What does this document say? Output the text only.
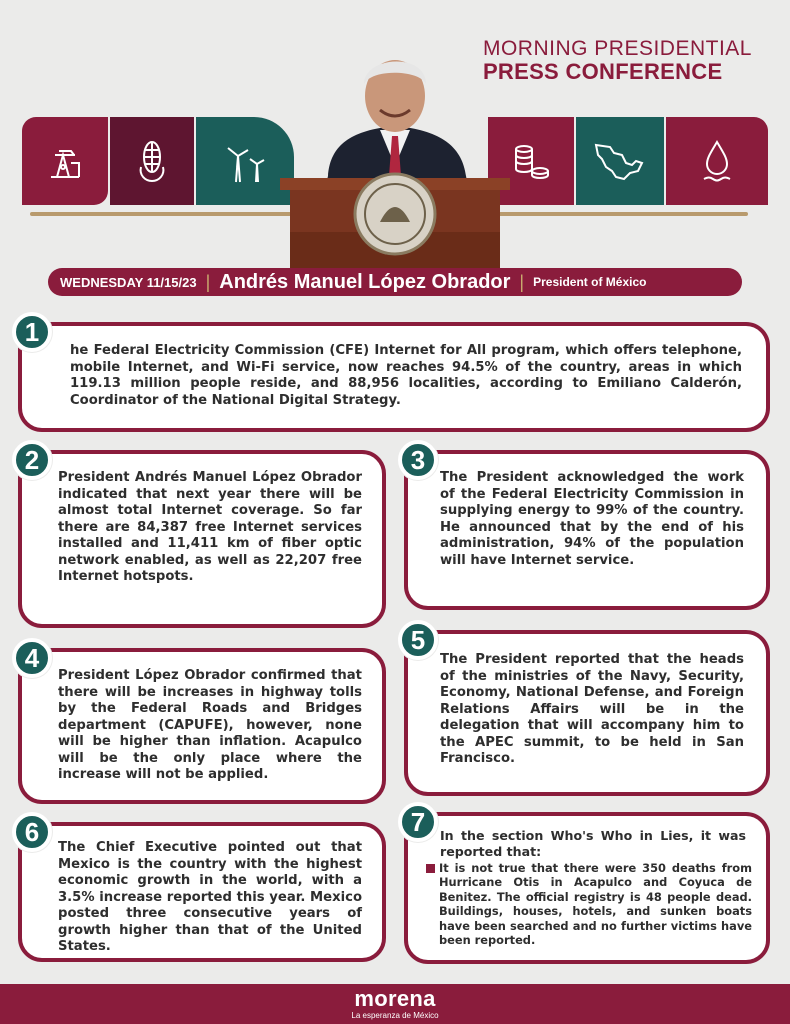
MORNING PRESIDENTIAL
PRESS CONFERENCE
WEDNESDAY 11/15/23 | Andrés Manuel López Obrador | President of México
1
he Federal Electricity Commission (CFE) Internet for All program, which offers telephone, mobile Internet, and Wi-Fi service, now reaches 94.5% of the country, areas in which 119.13 million people reside, and 88,956 localities, according to Emiliano Calderón, Coordinator of the National Digital Strategy.
2
President Andrés Manuel López Obrador indicated that next year there will be almost total Internet coverage. So far there are 84,387 free Internet services installed and 11,411 km of fiber optic network enabled, as well as 22,207 free Internet hotspots.
3
The President acknowledged the work of the Federal Electricity Commission in supplying energy to 99% of the country. He announced that by the end of his administration, 94% of the population will have Internet service.
4
President López Obrador confirmed that there will be increases in highway tolls by the Federal Roads and Bridges department (CAPUFE), however, none will be higher than inflation. Acapulco will be the only place where the increase will not be applied.
5
The President reported that the heads of the ministries of the Navy, Security, Economy, National Defense, and Foreign Relations Affairs will be in the delegation that will accompany him to the APEC summit, to be held in San Francisco.
6
The Chief Executive pointed out that Mexico is the country with the highest economic growth in the world, with a 3.5% increase reported this year. Mexico posted three consecutive years of growth higher than that of the United States.
7	In the section Who's Who in Lies, it was reported that:
It is not true that there were 350 deaths from Hurricane Otis in Acapulco and Coyuca de Benitez. The official registry is 48 people dead. Buildings, houses, hotels, and sunken boats have been searched and no further victims have been reported.
morena
La esperanza de México
